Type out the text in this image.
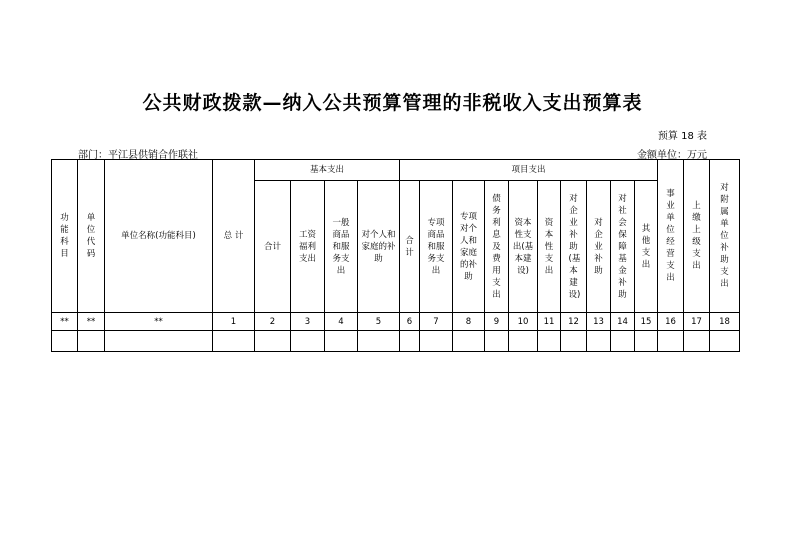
公共财政拨款—纳入公共预算管理的非税收入支出预算表
预算 18 表
部门：平江县供销合作联社	金额单位：万元
功能科目	单位代码	单位名称(功能科目)	总 计	基本支出				项目支出										事业单位经营支出	上缴上级支出	对附属单位补助支出
				合计	工资福利支出	一般商品和服务支出	对个人和家庭的补助	合计	专项商品和服务支出	专项对个人和家庭的补助	债务利息及费用支出	资本性支出(基本建设)	资本性支出	对企业补助(基本建设)	对企业补助	对社会保障基金补助	其他支出			
**	**	**	1	2	3	4	5	6	7	8	9	10	11	12	13	14	15	16	17	18
